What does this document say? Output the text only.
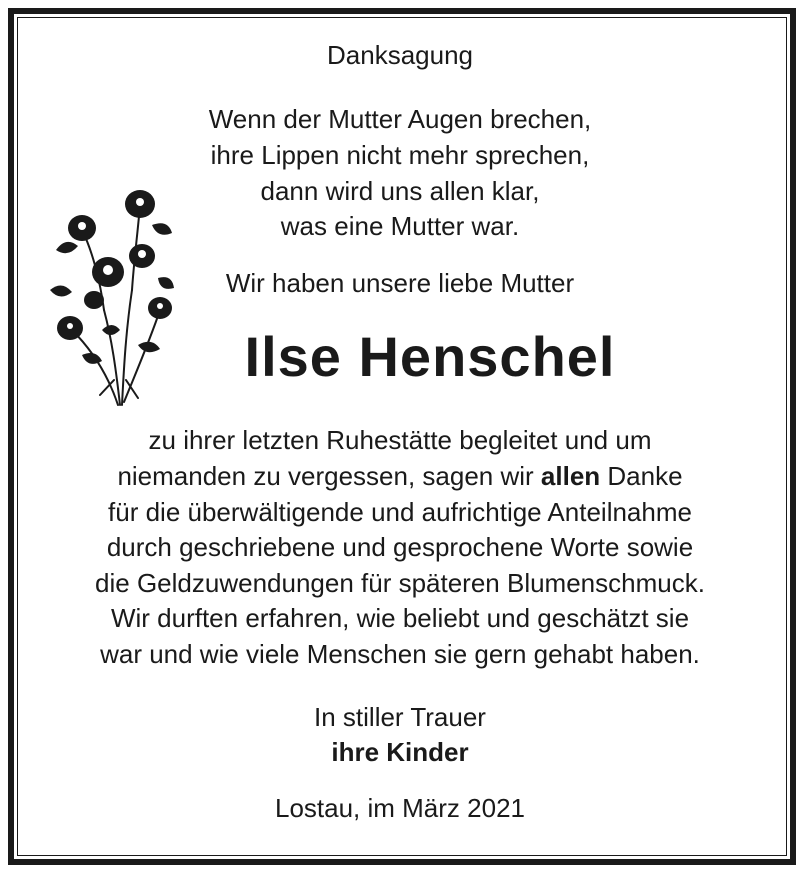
Danksagung
Wenn der Mutter Augen brechen,
ihre Lippen nicht mehr sprechen,
dann wird uns allen klar,
was eine Mutter war.
Wir haben unsere liebe Mutter
Ilse Henschel
zu ihrer letzten Ruhestätte begleitet und um
niemanden zu vergessen, sagen wir allen Danke
für die überwältigende und aufrichtige Anteilnahme
durch geschriebene und gesprochene Worte sowie
die Geldzuwendungen für späteren Blumenschmuck.
Wir durften erfahren, wie beliebt und geschätzt sie
war und wie viele Menschen sie gern gehabt haben.
In stiller Trauer
ihre Kinder
Lostau, im März 2021
